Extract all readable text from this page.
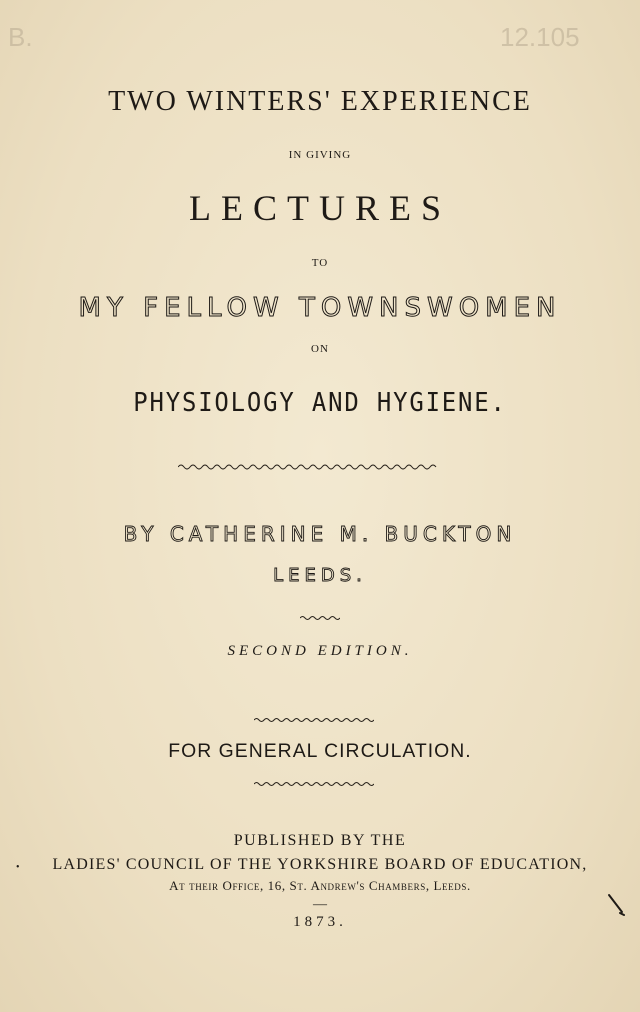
B.	12.105
TWO WINTERS' EXPERIENCE
IN GIVING
LECTURES
TO
MY FELLOW TOWNSWOMEN
ON
PHYSIOLOGY AND HYGIENE.
BY CATHERINE M. BUCKTON
LEEDS.
SECOND EDITION.
FOR GENERAL CIRCULATION.
PUBLISHED BY THE
LADIES' COUNCIL OF THE YORKSHIRE BOARD OF EDUCATION,
At their Office, 16, St. Andrew's Chambers, Leeds.
—
1873.
•
